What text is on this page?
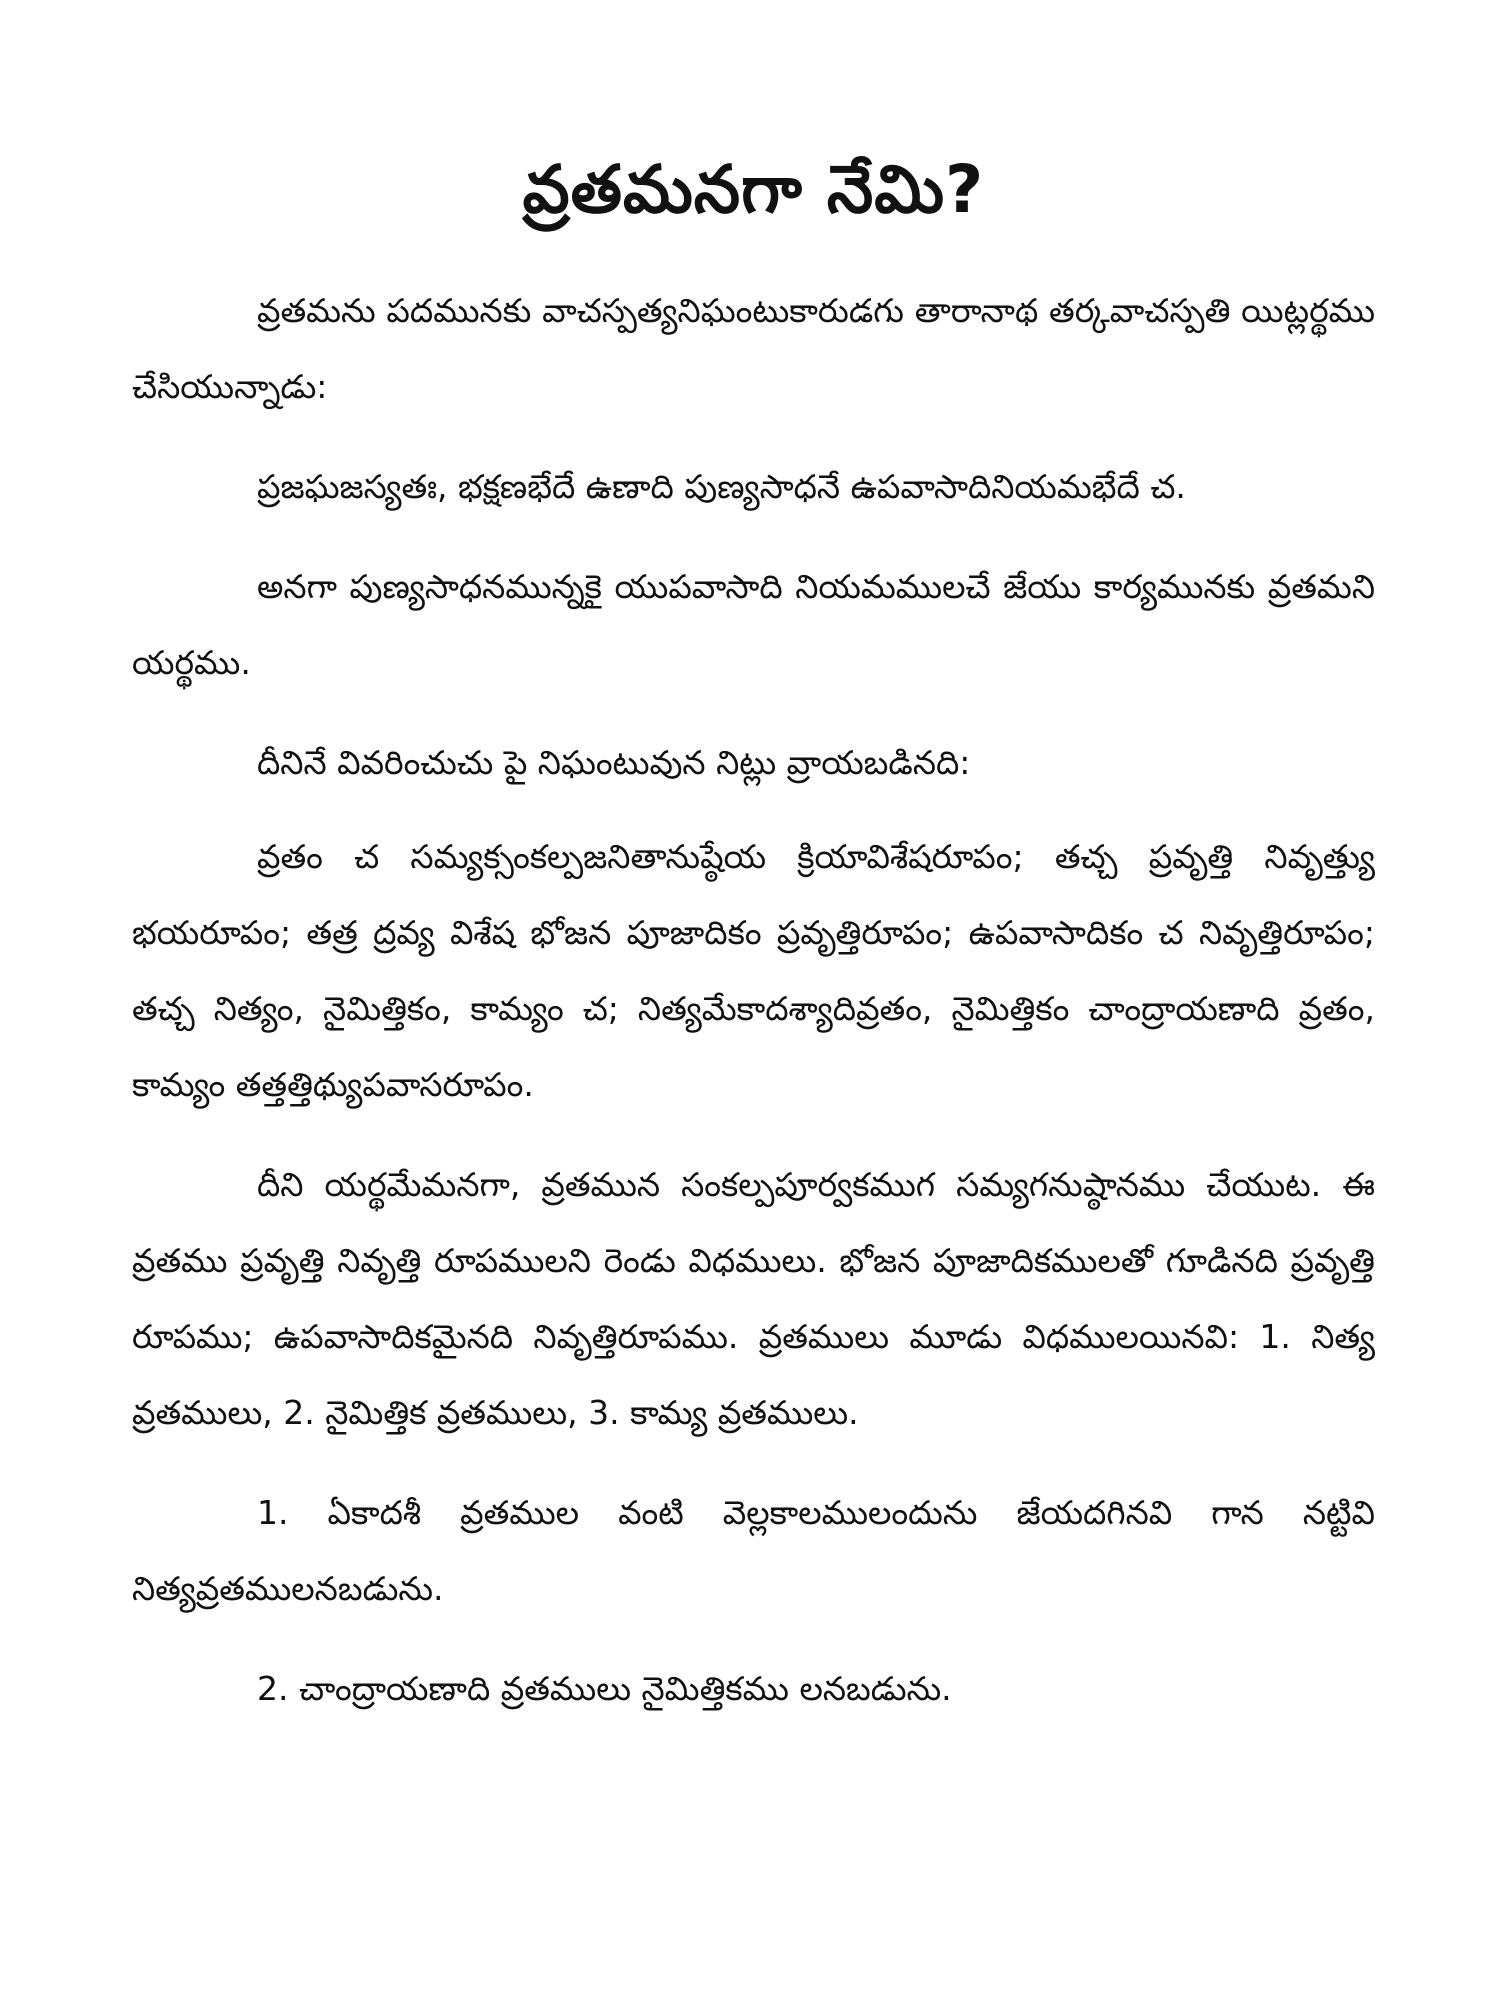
వ్రతమనగా నేమి?

వ్రతమను పదమునకు వాచస్పత్యనిఘంటుకారుడగు తారానాథ తర్కవాచస్పతి యిట్లర్థము చేసియున్నాడు:

ప్రజఘజస్యతః, భక్షణభేదే ఉణాది పుణ్యసాధనే ఉపవాసాదినియమభేదే చ.

అనగా పుణ్యసాధనమున్నకై యుపవాసాది నియమములచే జేయు కార్యమునకు వ్రతమని యర్థము.

దీనినే వివరించుచు పై నిఘంటువున నిట్లు వ్రాయబడినది:

వ్రతం చ సమ్యక్సంకల్పజనితానుష్ఠేయ క్రియావిశేషరూపం; తచ్చ ప్రవృత్తి నివృత్త్యు భయరూపం; తత్ర ద్రవ్య విశేష భోజన పూజాదికం ప్రవృత్తిరూపం; ఉపవాసాదికం చ నివృత్తిరూపం; తచ్చ నిత్యం, నైమిత్తికం, కామ్యం చ; నిత్యమేకాదశ్యాదివ్రతం, నైమిత్తికం చాంద్రాయణాది వ్రతం, కామ్యం తత్తత్తిథ్యుపవాసరూపం.

దీని యర్థమేమనగా, వ్రతమున సంకల్పపూర్వకముగ సమ్యగనుష్ఠానము చేయుట. ఈ వ్రతము ప్రవృత్తి నివృత్తి రూపములని రెండు విధములు. భోజన పూజాదికములతో గూడినది ప్రవృత్తి రూపము; ఉపవాసాదికమైనది నివృత్తిరూపము. వ్రతములు మూడు విధములయినవి: 1. నిత్య వ్రతములు, 2. నైమిత్తిక వ్రతములు, 3. కామ్య వ్రతములు.

1. ఏకాదశీ వ్రతముల వంటి వెల్లకాలములందును జేయదగినవి గాన నట్టివి నిత్యవ్రతములనబడును.

2. చాంద్రాయణాది వ్రతములు నైమిత్తికము లనబడును.
